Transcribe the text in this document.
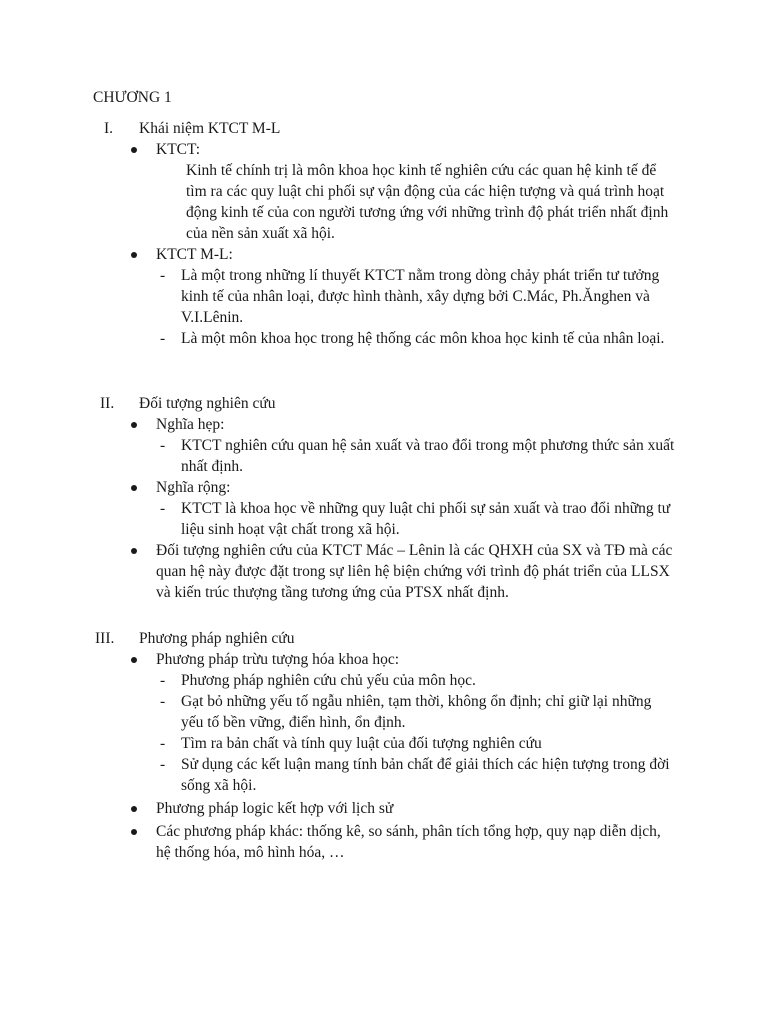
CHƯƠNG 1
I. Khái niệm KTCT M-L
KTCT:
Kinh tế chính trị là môn khoa học kinh tế nghiên cứu các quan hệ kinh tế để tìm ra các quy luật chi phối sự vận động của các hiện tượng và quá trình hoạt động kinh tế của con người tương ứng với những trình độ phát triển nhất định của nền sản xuất xã hội.
KTCT M-L:
- Là một trong những lí thuyết KTCT nằm trong dòng chảy phát triển tư tưởng kinh tế của nhân loại, được hình thành, xây dựng bởi C.Mác, Ph.Ănghen và V.I.Lênin.
- Là một môn khoa học trong hệ thống các môn khoa học kinh tế của nhân loại.
II. Đối tượng nghiên cứu
Nghĩa hẹp:
- KTCT nghiên cứu quan hệ sản xuất và trao đổi trong một phương thức sản xuất nhất định.
Nghĩa rộng:
- KTCT là khoa học về những quy luật chi phối sự sản xuất và trao đổi những tư liệu sinh hoạt vật chất trong xã hội.
Đối tượng nghiên cứu của KTCT Mác – Lênin là các QHXH của SX và TĐ mà các quan hệ này được đặt trong sự liên hệ biện chứng với trình độ phát triển của LLSX và kiến trúc thượng tầng tương ứng của PTSX nhất định.
III. Phương pháp nghiên cứu
Phương pháp trừu tượng hóa khoa học:
- Phương pháp nghiên cứu chủ yếu của môn học.
- Gạt bỏ những yếu tố ngẫu nhiên, tạm thời, không ổn định; chỉ giữ lại những yếu tố bền vững, điển hình, ổn định.
- Tìm ra bản chất và tính quy luật của đối tượng nghiên cứu
- Sử dụng các kết luận mang tính bản chất để giải thích các hiện tượng trong đời sống xã hội.
Phương pháp logic kết hợp với lịch sử
Các phương pháp khác: thống kê, so sánh, phân tích tổng hợp, quy nạp diễn dịch, hệ thống hóa, mô hình hóa, …
